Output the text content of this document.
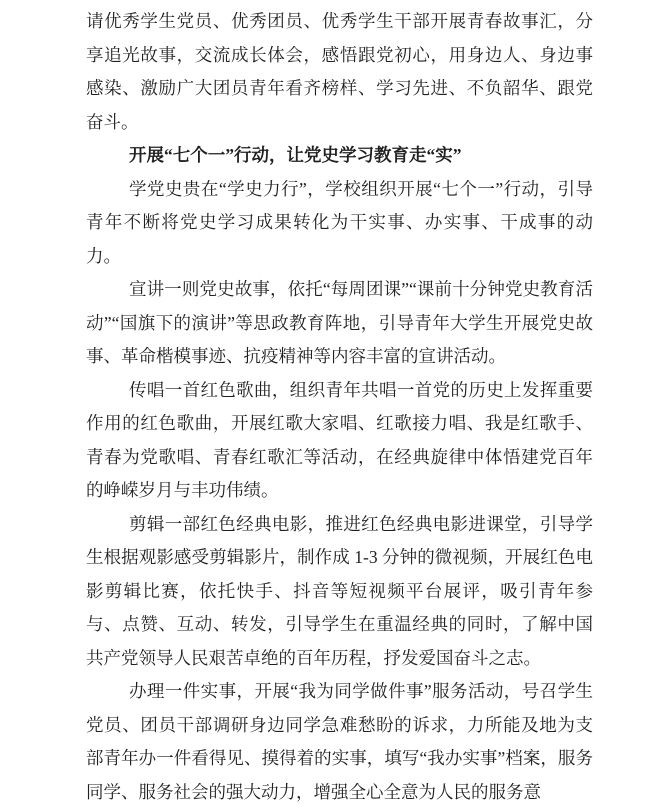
请优秀学生党员、优秀团员、优秀学生干部开展青春故事汇，分享追光故事，交流成长体会，感悟跟党初心，用身边人、身边事感染、激励广大团员青年看齐榜样、学习先进、不负韶华、跟党奋斗。

开展“七个一”行动，让党史学习教育走“实”

学党史贵在“学史力行”，学校组织开展“七个一”行动，引导青年不断将党史学习成果转化为干实事、办实事、干成事的动力。

宣讲一则党史故事，依托“每周团课”“课前十分钟党史教育活动”“国旗下的演讲”等思政教育阵地，引导青年大学生开展党史故事、革命楷模事迹、抗疫精神等内容丰富的宣讲活动。

传唱一首红色歌曲，组织青年共唱一首党的历史上发挥重要作用的红色歌曲，开展红歌大家唱、红歌接力唱、我是红歌手、青春为党歌唱、青春红歌汇等活动，在经典旋律中体悟建党百年的峥嵘岁月与丰功伟绩。

剪辑一部红色经典电影，推进红色经典电影进课堂，引导学生根据观影感受剪辑影片，制作成 1-3 分钟的微视频，开展红色电影剪辑比赛，依托快手、抖音等短视频平台展评，吸引青年参与、点赞、互动、转发，引导学生在重温经典的同时，了解中国共产党领导人民艰苦卓绝的百年历程，抒发爱国奋斗之志。

办理一件实事，开展“我为同学做件事”服务活动，号召学生党员、团员干部调研身边同学急难愁盼的诉求，力所能及地为支部青年办一件看得见、摸得着的实事，填写“我办实事”档案，服务同学、服务社会的强大动力，增强全心全意为人民的服务意
